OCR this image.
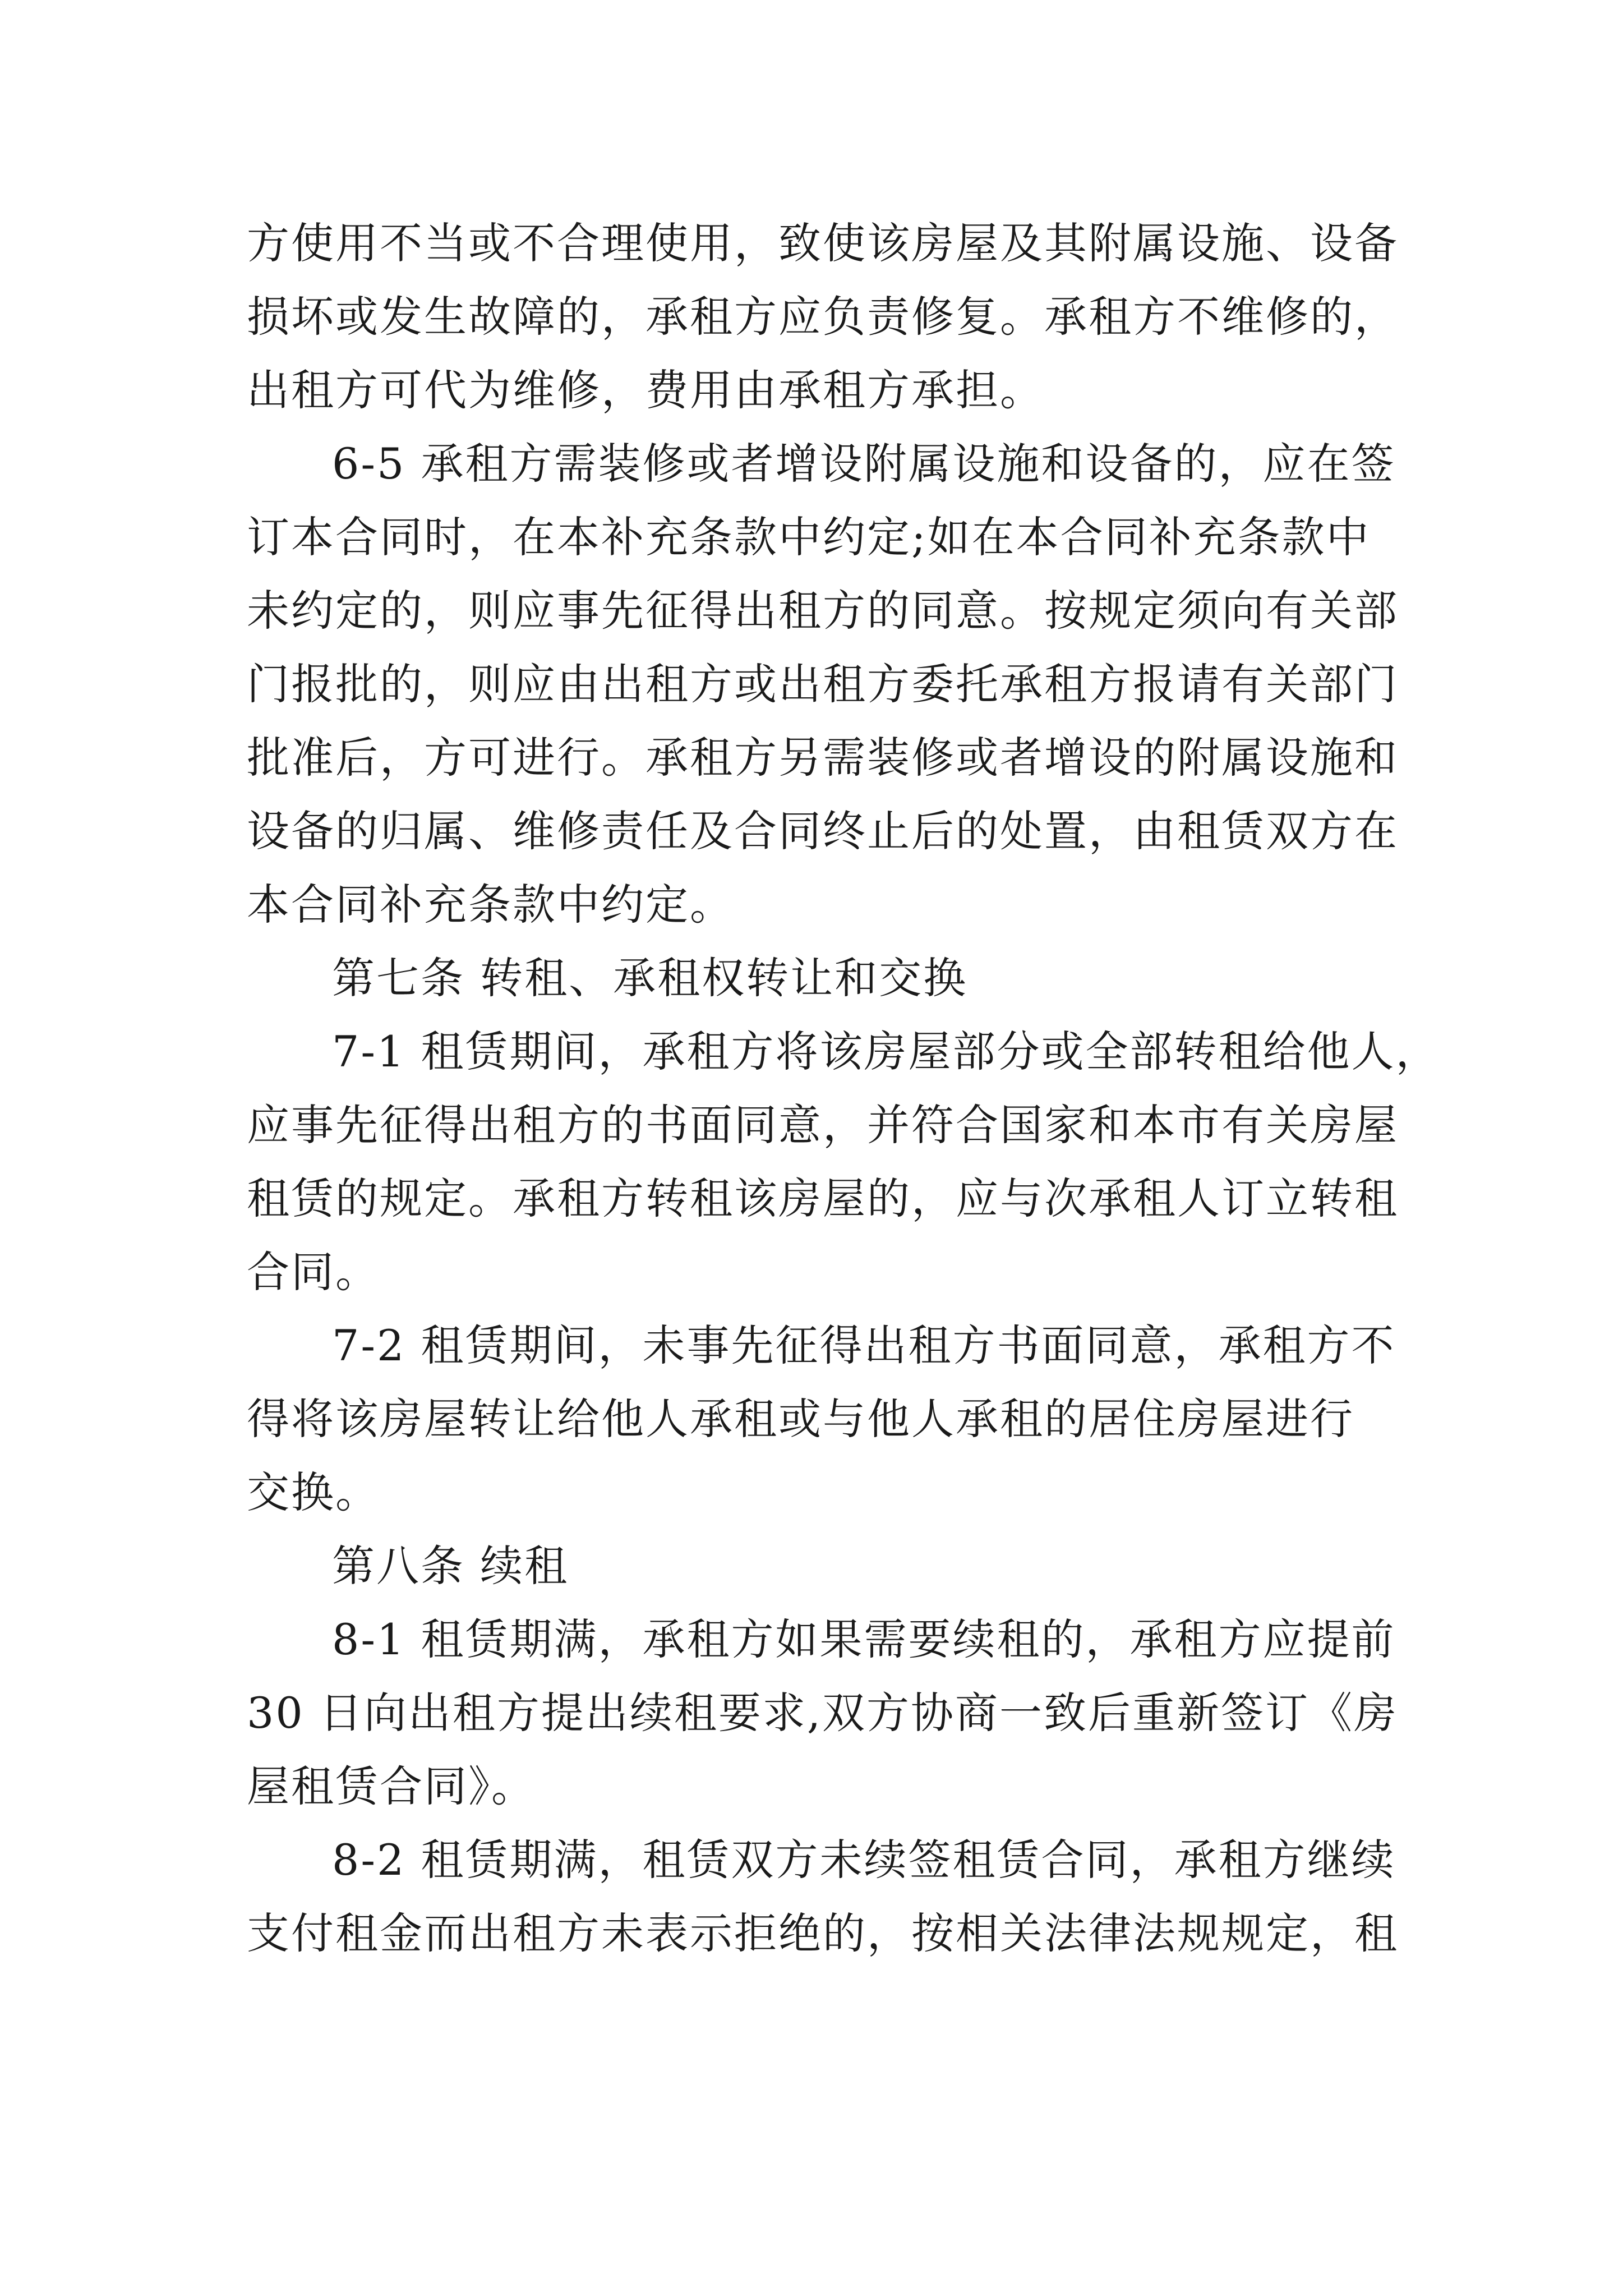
方使用不当或不合理使用，致使该房屋及其附属设施、设备
损坏或发生故障的，承租方应负责修复。承租方不维修的，
出租方可代为维修，费用由承租方承担。
6-5 承租方需装修或者增设附属设施和设备的，应在签
订本合同时，在本补充条款中约定;如在本合同补充条款中
未约定的，则应事先征得出租方的同意。按规定须向有关部
门报批的，则应由出租方或出租方委托承租方报请有关部门
批准后，方可进行。承租方另需装修或者增设的附属设施和
设备的归属、维修责任及合同终止后的处置，由租赁双方在
本合同补充条款中约定。
第七条 转租、承租权转让和交换
7-1 租赁期间，承租方将该房屋部分或全部转租给他人，
应事先征得出租方的书面同意，并符合国家和本市有关房屋
租赁的规定。承租方转租该房屋的，应与次承租人订立转租
合同。
7-2 租赁期间，未事先征得出租方书面同意，承租方不
得将该房屋转让给他人承租或与他人承租的居住房屋进行
交换。
第八条 续租
8-1 租赁期满，承租方如果需要续租的，承租方应提前
30 日向出租方提出续租要求,双方协商一致后重新签订《房
屋租赁合同》。
8-2 租赁期满，租赁双方未续签租赁合同，承租方继续
支付租金而出租方未表示拒绝的，按相关法律法规规定，租
